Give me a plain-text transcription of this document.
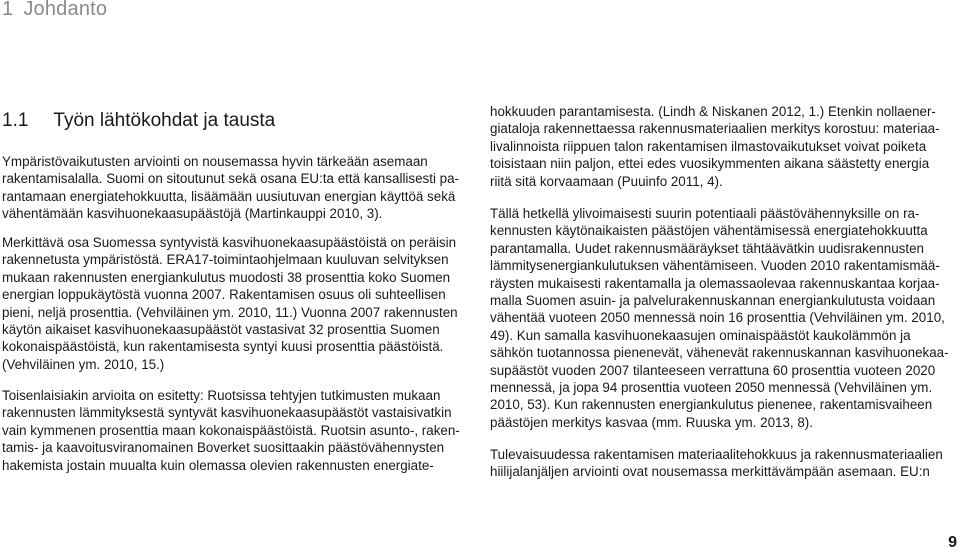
1 Johdanto
1.1 Työn lähtökohdat ja tausta

Ympäristövaikutusten arviointi on nousemassa hyvin tärkeään asemaan
rakentamisalalla. Suomi on sitoutunut sekä osana EU:ta että kansallisesti pa-
rantamaan energiatehokkuutta, lisäämään uusiutuvan energian käyttöä sekä
vähentämään kasvihuonekaasupäästöjä (Martinkauppi 2010, 3).

Merkittävä osa Suomessa syntyvistä kasvihuonekaasupäästöistä on peräisin
rakennetusta ympäristöstä. ERA17-toimintaohjelmaan kuuluvan selvityksen
mukaan rakennusten energiankulutus muodosti 38 prosenttia koko Suomen
energian loppukäytöstä vuonna 2007. Rakentamisen osuus oli suhteellisen
pieni, neljä prosenttia. (Vehviläinen ym. 2010, 11.) Vuonna 2007 rakennusten
käytön aikaiset kasvihuonekaasupäästöt vastasivat 32 prosenttia Suomen
kokonaispäästöistä, kun rakentamisesta syntyi kuusi prosenttia päästöistä.
(Vehviläinen ym. 2010, 15.)

Toisenlaisiakin arvioita on esitetty: Ruotsissa tehtyjen tutkimusten mukaan
rakennusten lämmityksestä syntyvät kasvihuonekaasupäästöt vastaisivatkin
vain kymmenen prosenttia maan kokonaispäästöistä. Ruotsin asunto-, raken-
tamis- ja kaavoitusviranomainen Boverket suosittaakin päästövähennysten
hakemista jostain muualta kuin olemassa olevien rakennusten energiate-

hokkuuden parantamisesta. (Lindh & Niskanen 2012, 1.) Etenkin nollaener-
giataloja rakennettaessa rakennusmateriaalien merkitys korostuu: materiaa-
livalinnoista riippuen talon rakentamisen ilmastovaikutukset voivat poiketa
toisistaan niin paljon, ettei edes vuosikymmenten aikana säästetty energia
riitä sitä korvaamaan (Puuinfo 2011, 4).

Tällä hetkellä ylivoimaisesti suurin potentiaali päästövähennyksille on ra-
kennusten käytönaikaisten päästöjen vähentämisessä energiatehokkuutta
parantamalla. Uudet rakennusmääräykset tähtäävätkin uudisrakennusten
lämmitysenergiankulutuksen vähentämiseen. Vuoden 2010 rakentamismää-
räysten mukaisesti rakentamalla ja olemassaolevaa rakennuskantaa korjaa-
malla Suomen asuin- ja palvelurakennuskannan energiankulutusta voidaan
vähentää vuoteen 2050 mennessä noin 16 prosenttia (Vehviläinen ym. 2010,
49). Kun samalla kasvihuonekaasujen ominaispäästöt kaukolämmön ja
sähkön tuotannossa pienenevät, vähenevät rakennuskannan kasvihuonekaa-
supäästöt vuoden 2007 tilanteeseen verrattuna 60 prosenttia vuoteen 2020
mennessä, ja jopa 94 prosenttia vuoteen 2050 mennessä (Vehviläinen ym.
2010, 53). Kun rakennusten energiankulutus pienenee, rakentamisvaiheen
päästöjen merkitys kasvaa (mm. Ruuska ym. 2013, 8).

Tulevaisuudessa rakentamisen materiaalitehokkuus ja rakennusmateriaalien
hiilijalanjäljen arviointi ovat nousemassa merkittävämpään asemaan. EU:n

9
